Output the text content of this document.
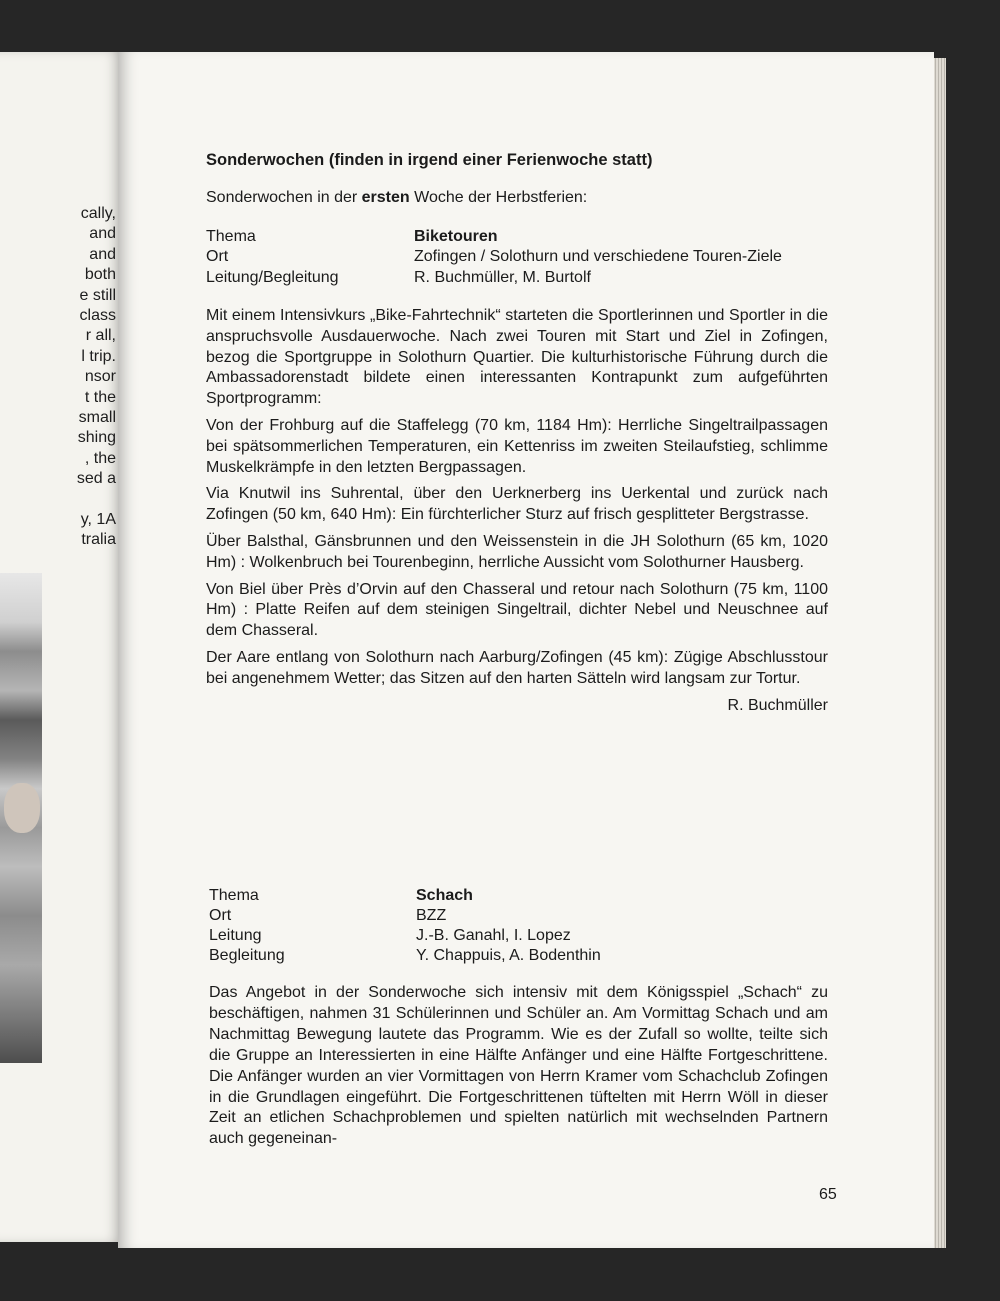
cally,
and
and
both
e still
class
r all,
l trip.
nsor
t the
small
shing
, the
sed a
y, 1A
tralia
Sonderwochen (finden in irgend einer Ferienwoche statt)
Sonderwochen in der ersten Woche der Herbstferien:
Thema	Biketouren
Ort	Zofingen / Solothurn und verschiedene Touren-Ziele
Leitung/Begleitung	R. Buchmüller, M. Burtolf

Mit einem Intensivkurs „Bike-Fahrtechnik“ starteten die Sportlerinnen und Sportler in die anspruchsvolle Ausdauerwoche. Nach zwei Touren mit Start und Ziel in Zofingen, bezog die Sportgruppe in Solothurn Quartier. Die kulturhistorische Führung durch die Ambassadorenstadt bildete einen interessanten Kontrapunkt zum aufgeführten Sportprogramm:

Von der Frohburg auf die Staffelegg (70 km, 1184 Hm): Herrliche Singeltrailpassagen bei spätsommerlichen Temperaturen, ein Kettenriss im zweiten Steilaufstieg, schlimme Muskelkrämpfe in den letzten Bergpassagen.

Via Knutwil ins Suhrental, über den Uerknerberg ins Uerkental und zurück nach Zofingen (50 km, 640 Hm): Ein fürchterlicher Sturz auf frisch gesplitteter Bergstrasse.

Über Balsthal, Gänsbrunnen und den Weissenstein in die JH Solothurn (65 km, 1020 Hm) : Wolkenbruch bei Tourenbeginn, herrliche Aussicht vom Solothurner Hausberg.

Von Biel über Près d’Orvin auf den Chasseral und retour nach Solothurn (75 km, 1100 Hm) : Platte Reifen auf dem steinigen Singeltrail, dichter Nebel und Neuschnee auf dem Chasseral.

Der Aare entlang von Solothurn nach Aarburg/Zofingen (45 km): Zügige Abschlusstour bei angenehmem Wetter; das Sitzen auf den harten Sätteln wird langsam zur Tortur.

R. Buchmüller
Thema	Schach
Ort	BZZ
Leitung	J.-B. Ganahl, I. Lopez
Begleitung	Y. Chappuis, A. Bodenthin

Das Angebot in der Sonderwoche sich intensiv mit dem Königsspiel „Schach“ zu beschäftigen, nahmen 31 Schülerinnen und Schüler an. Am Vormittag Schach und am Nachmittag Bewegung lautete das Programm. Wie es der Zufall so wollte, teilte sich die Gruppe an Interessierten in eine Hälfte Anfänger und eine Hälfte Fortgeschrittene. Die Anfänger wurden an vier Vormittagen von Herrn Kramer vom Schachclub Zofingen in die Grundlagen eingeführt. Die Fortgeschrittenen tüftelten mit Herrn Wöll in dieser Zeit an etlichen Schachproblemen und spielten natürlich mit wechselnden Partnern auch gegeneinan-

65
